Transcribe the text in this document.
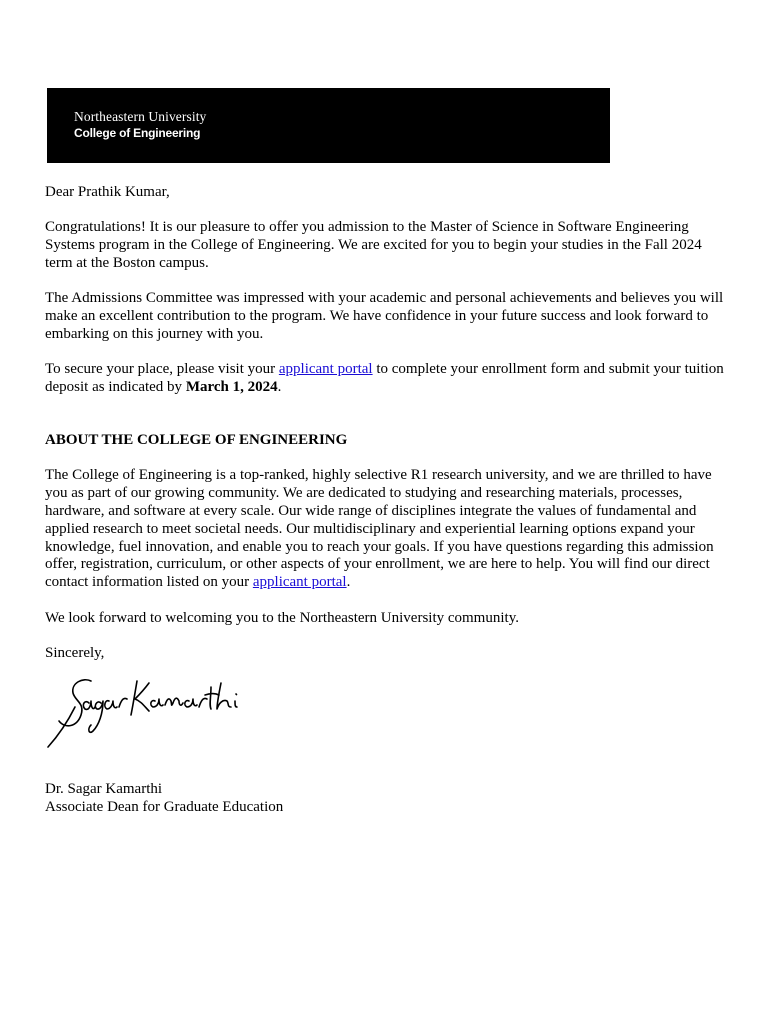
Northeastern University
College of Engineering

Dear Prathik Kumar,

Congratulations! It is our pleasure to offer you admission to the Master of Science in Software Engineering Systems program in the College of Engineering. We are excited for you to begin your studies in the Fall 2024 term at the Boston campus.

The Admissions Committee was impressed with your academic and personal achievements and believes you will make an excellent contribution to the program. We have confidence in your future success and look forward to embarking on this journey with you.

To secure your place, please visit your applicant portal to complete your enrollment form and submit your tuition deposit as indicated by March 1, 2024.

ABOUT THE COLLEGE OF ENGINEERING

The College of Engineering is a top-ranked, highly selective R1 research university, and we are thrilled to have you as part of our growing community. We are dedicated to studying and researching materials, processes, hardware, and software at every scale. Our wide range of disciplines integrate the values of fundamental and applied research to meet societal needs. Our multidisciplinary and experiential learning options expand your knowledge, fuel innovation, and enable you to reach your goals. If you have questions regarding this admission offer, registration, curriculum, or other aspects of your enrollment, we are here to help. You will find our direct contact information listed on your applicant portal.

We look forward to welcoming you to the Northeastern University community.

Sincerely,

Dr. Sagar Kamarthi

Associate Dean for Graduate Education
